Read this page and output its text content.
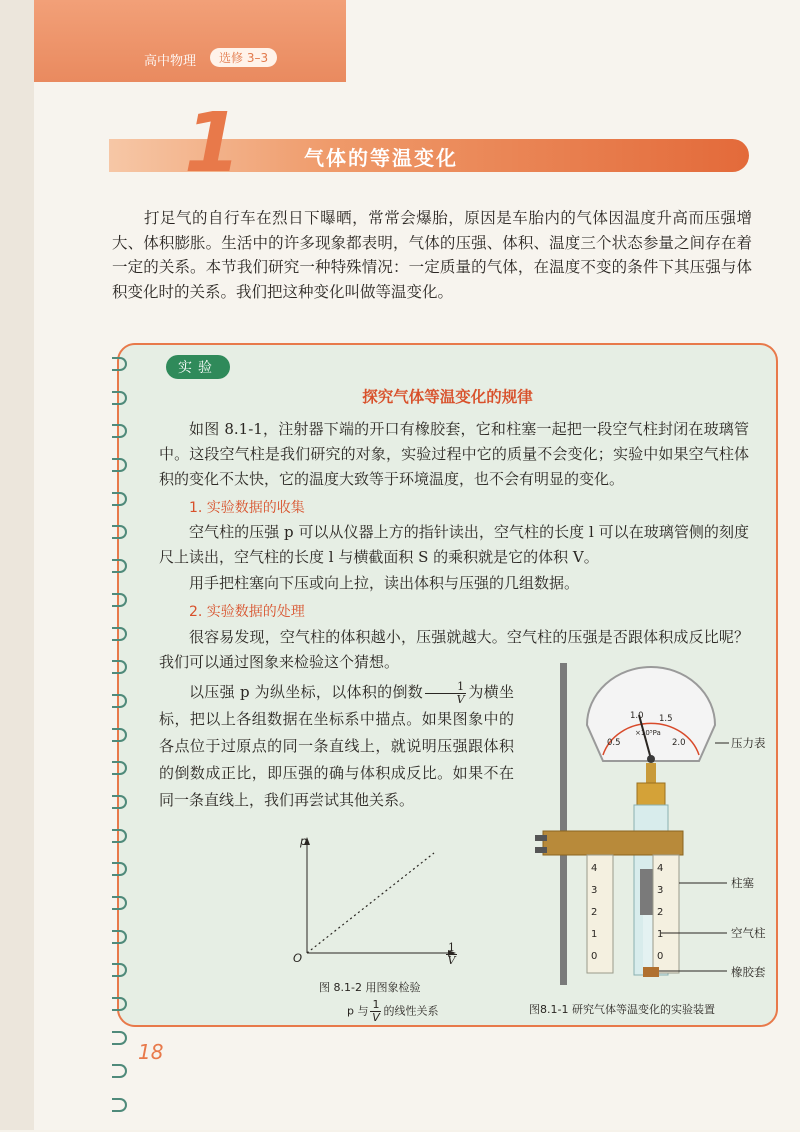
高中物理	选修 3–3
气体的等温变化
1
打足气的自行车在烈日下曝晒，常常会爆胎，原因是车胎内的气体因温度升高而压强增大、体积膨胀。生活中的许多现象都表明，气体的压强、体积、温度三个状态参量之间存在着一定的关系。本节我们研究一种特殊情况：一定质量的气体，在温度不变的条件下其压强与体积变化时的关系。我们把这种变化叫做等温变化。
实验
探究气体等温变化的规律
如图 8.1-1，注射器下端的开口有橡胶套，它和柱塞一起把一段空气柱封闭在玻璃管中。这段空气柱是我们研究的对象，实验过程中它的质量不会变化；实验中如果空气柱体积的变化不太快，它的温度大致等于环境温度，也不会有明显的变化。
1. 实验数据的收集
空气柱的压强 p 可以从仪器上方的指针读出，空气柱的长度 l 可以在玻璃管侧的刻度尺上读出，空气柱的长度 l 与横截面积 S 的乘积就是它的体积 V。
用手把柱塞向下压或向上拉，读出体积与压强的几组数据。
2. 实验数据的处理
很容易发现，空气柱的体积越小，压强就越大。空气柱的压强是否跟体积成反比呢？我们可以通过图象来检验这个猜想。
以压强 p 为纵坐标，以体积的倒数 $\frac{1}{V}$ 为横坐标，把以上各组数据在坐标系中描点。如果图象中的各点位于过原点的同一条直线上，就说明压强跟体积的倒数成正比，即压强的确与体积成反比。如果不在同一条直线上，我们再尝试其他关系。
p
O	$\frac{1}{V}$
图 8.1-2 用图象检验
p 与 $\frac{1}{V}$ 的线性关系
0.5
1.0 1.5
2.0
×10⁵Pa
4
3
2
1
0
4
3
2
1
0
压力表
柱塞
空气柱
橡胶套
图8.1-1 研究气体等温变化的实验装置
18
